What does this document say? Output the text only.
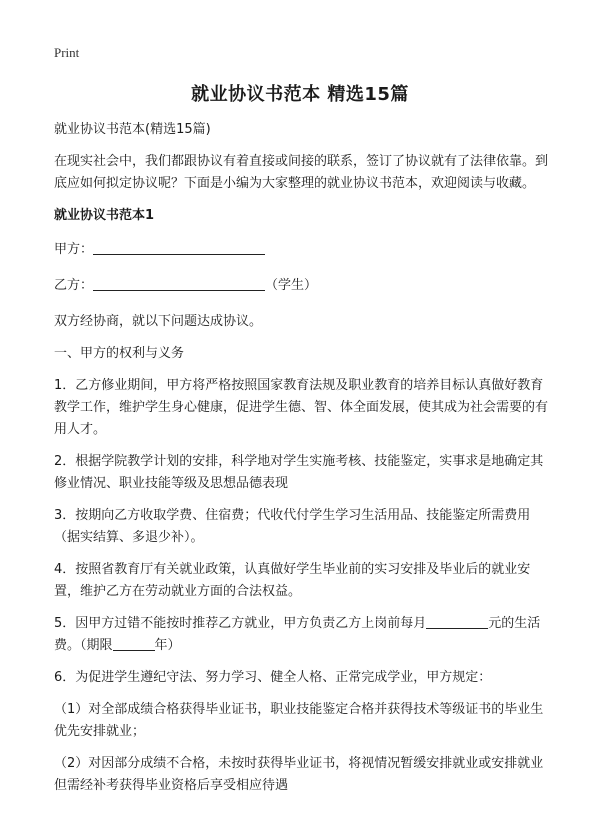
Print
就业协议书范本 精选15篇

就业协议书范本(精选15篇)

在现实社会中，我们都跟协议有着直接或间接的联系，签订了协议就有了法律依靠。到底应如何拟定协议呢？下面是小编为大家整理的就业协议书范本，欢迎阅读与收藏。

就业协议书范本1

甲方：

乙方：	（学生）

双方经协商，就以下问题达成协议。

一、甲方的权利与义务

1．乙方修业期间，甲方将严格按照国家教育法规及职业教育的培养目标认真做好教育教学工作，维护学生身心健康，促进学生德、智、体全面发展，使其成为社会需要的有用人才。

2．根据学院教学计划的安排，科学地对学生实施考核、技能鉴定，实事求是地确定其修业情况、职业技能等级及思想品德表现

3．按期向乙方收取学费、住宿费；代收代付学生学习生活用品、技能鉴定所需费用（据实结算、多退少补）。

4．按照省教育厅有关就业政策，认真做好学生毕业前的实习安排及毕业后的就业安置，维护乙方在劳动就业方面的合法权益。

5．因甲方过错不能按时推荐乙方就业，甲方负责乙方上岗前每月	元的生活费。（期限	年）

6．为促进学生遵纪守法、努力学习、健全人格、正常完成学业，甲方规定：

（1）对全部成绩合格获得毕业证书，职业技能鉴定合格并获得技术等级证书的毕业生优先安排就业；

（2）对因部分成绩不合格，未按时获得毕业证书，将视情况暂缓安排就业或安排就业但需经补考获得毕业资格后享受相应待遇
